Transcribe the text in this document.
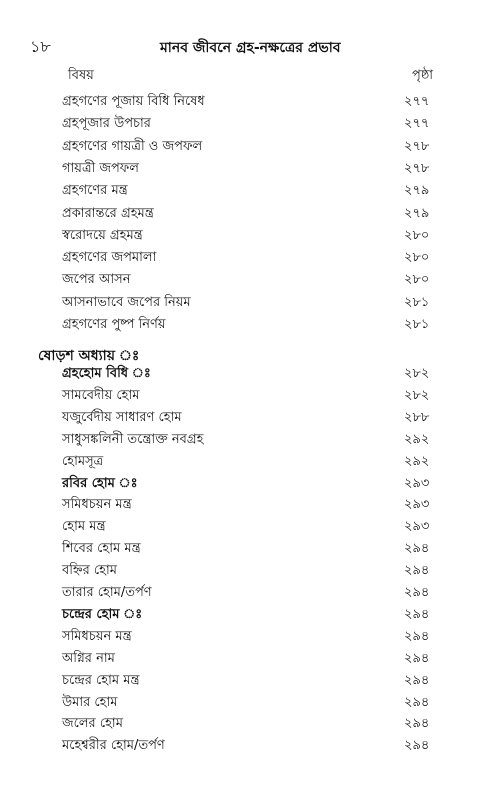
১৮	মানব জীবনে গ্রহ-নক্ষত্রের প্রভাব
বিষয়	পৃষ্ঠা
গ্রহগণের পূজায় বিধি নিষেধ	২৭৭
গ্রহপূজার উপচার	২৭৭
গ্রহগণের গায়ত্রী ও জপফল	২৭৮
গায়ত্রী জপফল	২৭৮
গ্রহগণের মন্ত্র	২৭৯
প্রকারান্তরে গ্রহমন্ত্র	২৭৯
স্বরোদয়ে গ্রহমন্ত্র	২৮০
গ্রহগণের জপমালা	২৮০
জপের আসন	২৮০
আসনাভাবে জপের নিয়ম	২৮১
গ্রহগণের পুষ্প নির্ণয়	২৮১
ষোড়শ অধ্যায় ঃ
গ্রহহোম বিধি ঃ	২৮২
সামবেদীয় হোম	২৮২
যজুর্বেদীয় সাধারণ হোম	২৮৮
সাধুসঙ্কলিনী তন্ত্রোক্ত নবগ্রহ	২৯২
হোমসূত্র	২৯২
রবির হোম ঃ	২৯৩
সমিধচয়ন মন্ত্র	২৯৩
হোম মন্ত্র	২৯৩
শিবের হোম মন্ত্র	২৯৪
বহ্নির হোম	২৯৪
তারার হোম/তর্পণ	২৯৪
চন্দ্রের হোম ঃ	২৯৪
সমিধচয়ন মন্ত্র	২৯৪
অগ্নির নাম	২৯৪
চন্দ্রের হোম মন্ত্র	২৯৪
উমার হোম	২৯৪
জলের হোম	২৯৪
মহেশ্বরীর হোম/তর্পণ	২৯৪
